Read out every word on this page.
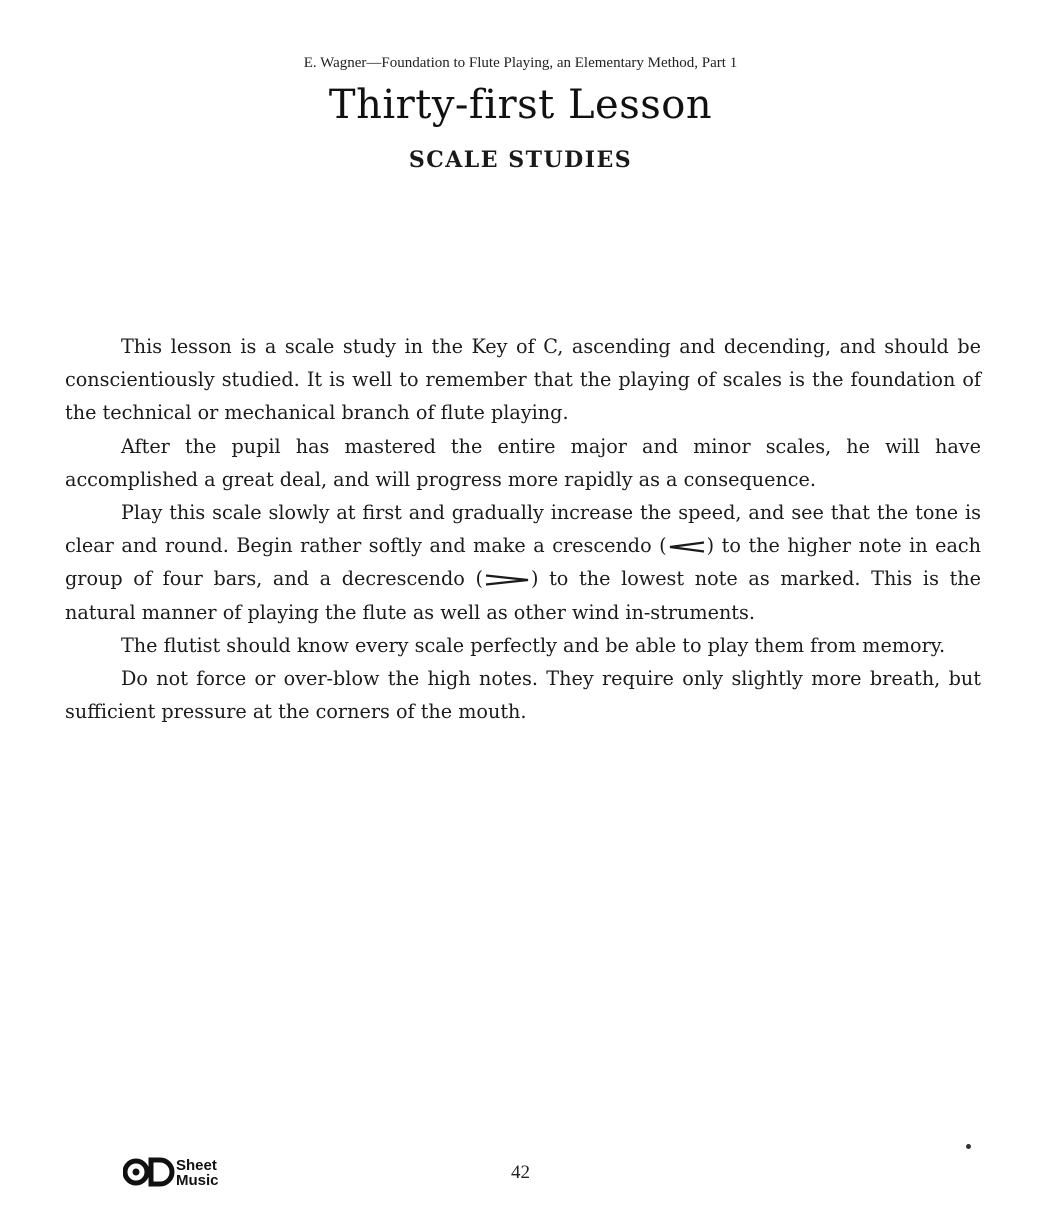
E. Wagner—Foundation to Flute Playing, an Elementary Method, Part 1
Thirty-first Lesson
SCALE STUDIES

This lesson is a scale study in the Key of C, ascending and decending, and should be conscientiously studied. It is well to remember that the playing of scales is the foundation of the technical or mechanical branch of flute playing.

After the pupil has mastered the entire major and minor scales, he will have accomplished a great deal, and will progress more rapidly as a consequence.

Play this scale slowly at first and gradually increase the speed, and see that the tone is clear and round. Begin rather softly and make a crescendo ( ) to the higher note in each group of four bars, and a decrescendo (	) to the lowest note as marked. This is the natural manner of playing the flute as well as other wind in-struments.

The flutist should know every scale perfectly and be able to play them from memory.

Do not force or over-blow the high notes. They require only slightly more breath, but sufficient pressure at the corners of the mouth.

Sheet
Music	42
